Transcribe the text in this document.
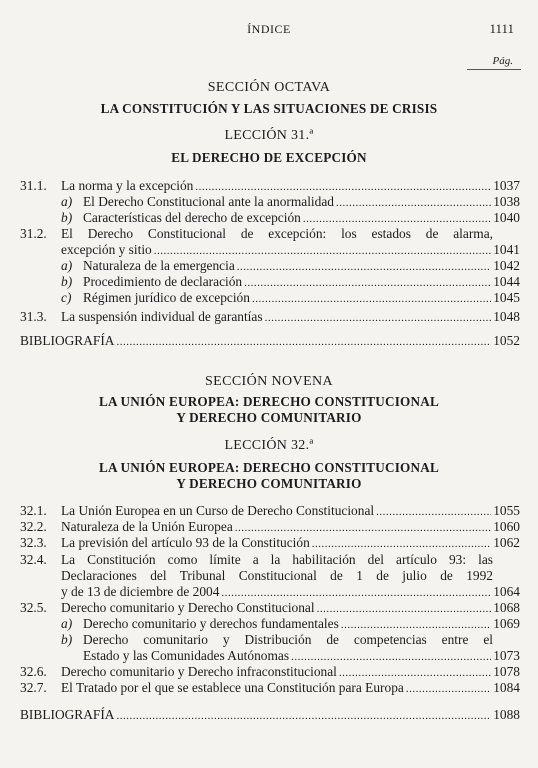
ÍNDICE	1111
Pág.
SECCIÓN OCTAVA
LA CONSTITUCIÓN Y LAS SITUACIONES DE CRISIS
LECCIÓN 31.ª
EL DERECHO DE EXCEPCIÓN
31.1. La norma y la excepción .....	1037
a) El Derecho Constitucional ante la anormalidad .....	1038
b) Características del derecho de excepción .....	1040
31.2. El Derecho Constitucional de excepción: los estados de alarma,
excepción y sitio .....	1041
a) Naturaleza de la emergencia .....	1042
b) Procedimiento de declaración .....	1044
c) Régimen jurídico de excepción .....	1045
31.3. La suspensión individual de garantías .....	1048
BIBLIOGRAFÍA .....	1052
SECCIÓN NOVENA
LA UNIÓN EUROPEA: DERECHO CONSTITUCIONAL
Y DERECHO COMUNITARIO
LECCIÓN 32.ª
LA UNIÓN EUROPEA: DERECHO CONSTITUCIONAL
Y DERECHO COMUNITARIO
32.1. La Unión Europea en un Curso de Derecho Constitucional .....	1055
32.2. Naturaleza de la Unión Europea .....	1060
32.3. La previsión del artículo 93 de la Constitución .....	1062
32.4. La Constitución como límite a la habilitación del artículo 93: las
Declaraciones del Tribunal Constitucional de 1 de julio de 1992
y de 13 de diciembre de 2004 .....	1064
32.5. Derecho comunitario y Derecho Constitucional .....	1068
a) Derecho comunitario y derechos fundamentales .....	1069
b) Derecho comunitario y Distribución de competencias entre el
Estado y las Comunidades Autónomas .....	1073
32.6. Derecho comunitario y Derecho infraconstitucional .....	1078
32.7. El Tratado por el que se establece una Constitución para Europa .....	1084
BIBLIOGRAFÍA .....	1088
